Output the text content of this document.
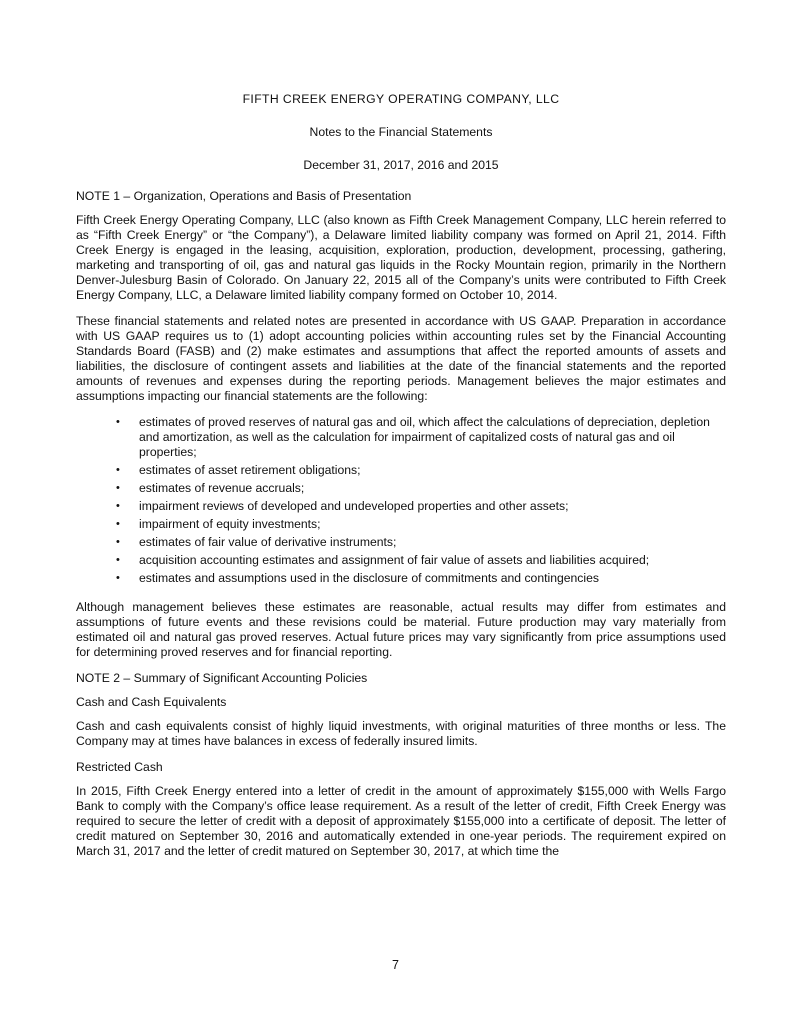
FIFTH CREEK ENERGY OPERATING COMPANY, LLC
Notes to the Financial Statements
December 31, 2017, 2016 and 2015
NOTE 1 – Organization, Operations and Basis of Presentation

Fifth Creek Energy Operating Company, LLC (also known as Fifth Creek Management Company, LLC herein referred to as “Fifth Creek Energy” or “the Company”), a Delaware limited liability company was formed on April 21, 2014. Fifth Creek Energy is engaged in the leasing, acquisition, exploration, production, development, processing, gathering, marketing and transporting of oil, gas and natural gas liquids in the Rocky Mountain region, primarily in the Northern Denver-Julesburg Basin of Colorado. On January 22, 2015 all of the Company’s units were contributed to Fifth Creek Energy Company, LLC, a Delaware limited liability company formed on October 10, 2014.

These financial statements and related notes are presented in accordance with US GAAP. Preparation in accordance with US GAAP requires us to (1) adopt accounting policies within accounting rules set by the Financial Accounting Standards Board (FASB) and (2) make estimates and assumptions that affect the reported amounts of assets and liabilities, the disclosure of contingent assets and liabilities at the date of the financial statements and the reported amounts of revenues and expenses during the reporting periods. Management believes the major estimates and assumptions impacting our financial statements are the following:

• estimates of proved reserves of natural gas and oil, which affect the calculations of depreciation, depletion and amortization, as well as the calculation for impairment of capitalized costs of natural gas and oil properties;
• estimates of asset retirement obligations;
• estimates of revenue accruals;
• impairment reviews of developed and undeveloped properties and other assets;
• impairment of equity investments;
• estimates of fair value of derivative instruments;
• acquisition accounting estimates and assignment of fair value of assets and liabilities acquired;
• estimates and assumptions used in the disclosure of commitments and contingencies

Although management believes these estimates are reasonable, actual results may differ from estimates and assumptions of future events and these revisions could be material. Future production may vary materially from estimated oil and natural gas proved reserves. Actual future prices may vary significantly from price assumptions used for determining proved reserves and for financial reporting.

NOTE 2 – Summary of Significant Accounting Policies
Cash and Cash Equivalents

Cash and cash equivalents consist of highly liquid investments, with original maturities of three months or less. The Company may at times have balances in excess of federally insured limits.

Restricted Cash

In 2015, Fifth Creek Energy entered into a letter of credit in the amount of approximately $155,000 with Wells Fargo Bank to comply with the Company’s office lease requirement. As a result of the letter of credit, Fifth Creek Energy was required to secure the letter of credit with a deposit of approximately $155,000 into a certificate of deposit. The letter of credit matured on September 30, 2016 and automatically extended in one-year periods. The requirement expired on March 31, 2017 and the letter of credit matured on September 30, 2017, at which time the

7
